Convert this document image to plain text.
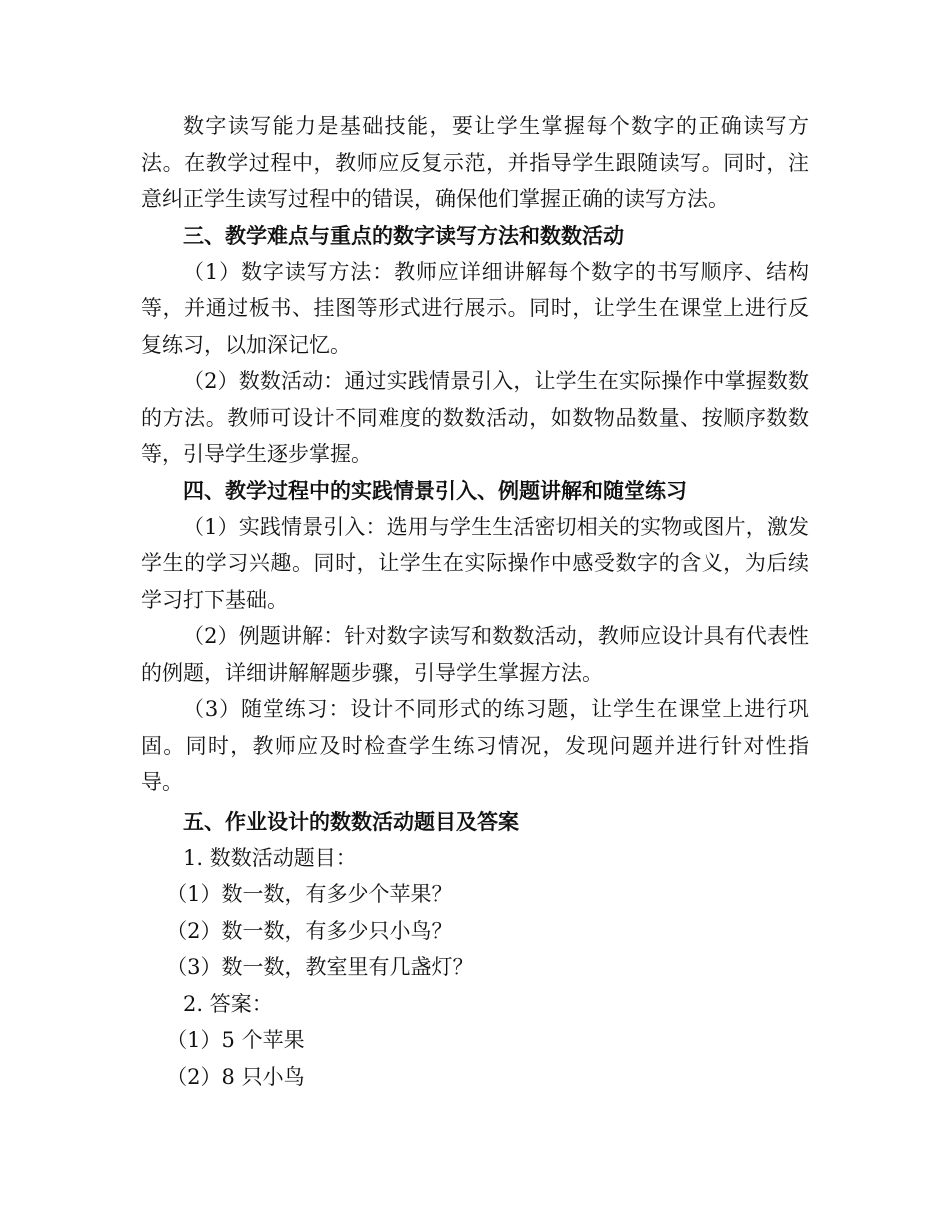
数字读写能力是基础技能，要让学生掌握每个数字的正确读写方法。在教学过程中，教师应反复示范，并指导学生跟随读写。同时，注意纠正学生读写过程中的错误，确保他们掌握正确的读写方法。

三、教学难点与重点的数字读写方法和数数活动

（1）数字读写方法：教师应详细讲解每个数字的书写顺序、结构等，并通过板书、挂图等形式进行展示。同时，让学生在课堂上进行反复练习，以加深记忆。

（2）数数活动：通过实践情景引入，让学生在实际操作中掌握数数的方法。教师可设计不同难度的数数活动，如数物品数量、按顺序数数等，引导学生逐步掌握。

四、教学过程中的实践情景引入、例题讲解和随堂练习

（1）实践情景引入：选用与学生生活密切相关的实物或图片，激发学生的学习兴趣。同时，让学生在实际操作中感受数字的含义，为后续学习打下基础。

（2）例题讲解：针对数字读写和数数活动，教师应设计具有代表性的例题，详细讲解解题步骤，引导学生掌握方法。

（3）随堂练习：设计不同形式的练习题，让学生在课堂上进行巩固。同时，教师应及时检查学生练习情况，发现问题并进行针对性指导。

五、作业设计的数数活动题目及答案

1. 数数活动题目：

（1）数一数，有多少个苹果？

（2）数一数，有多少只小鸟？

（3）数一数，教室里有几盏灯？

2. 答案：

（1）5 个苹果

（2）8 只小鸟
